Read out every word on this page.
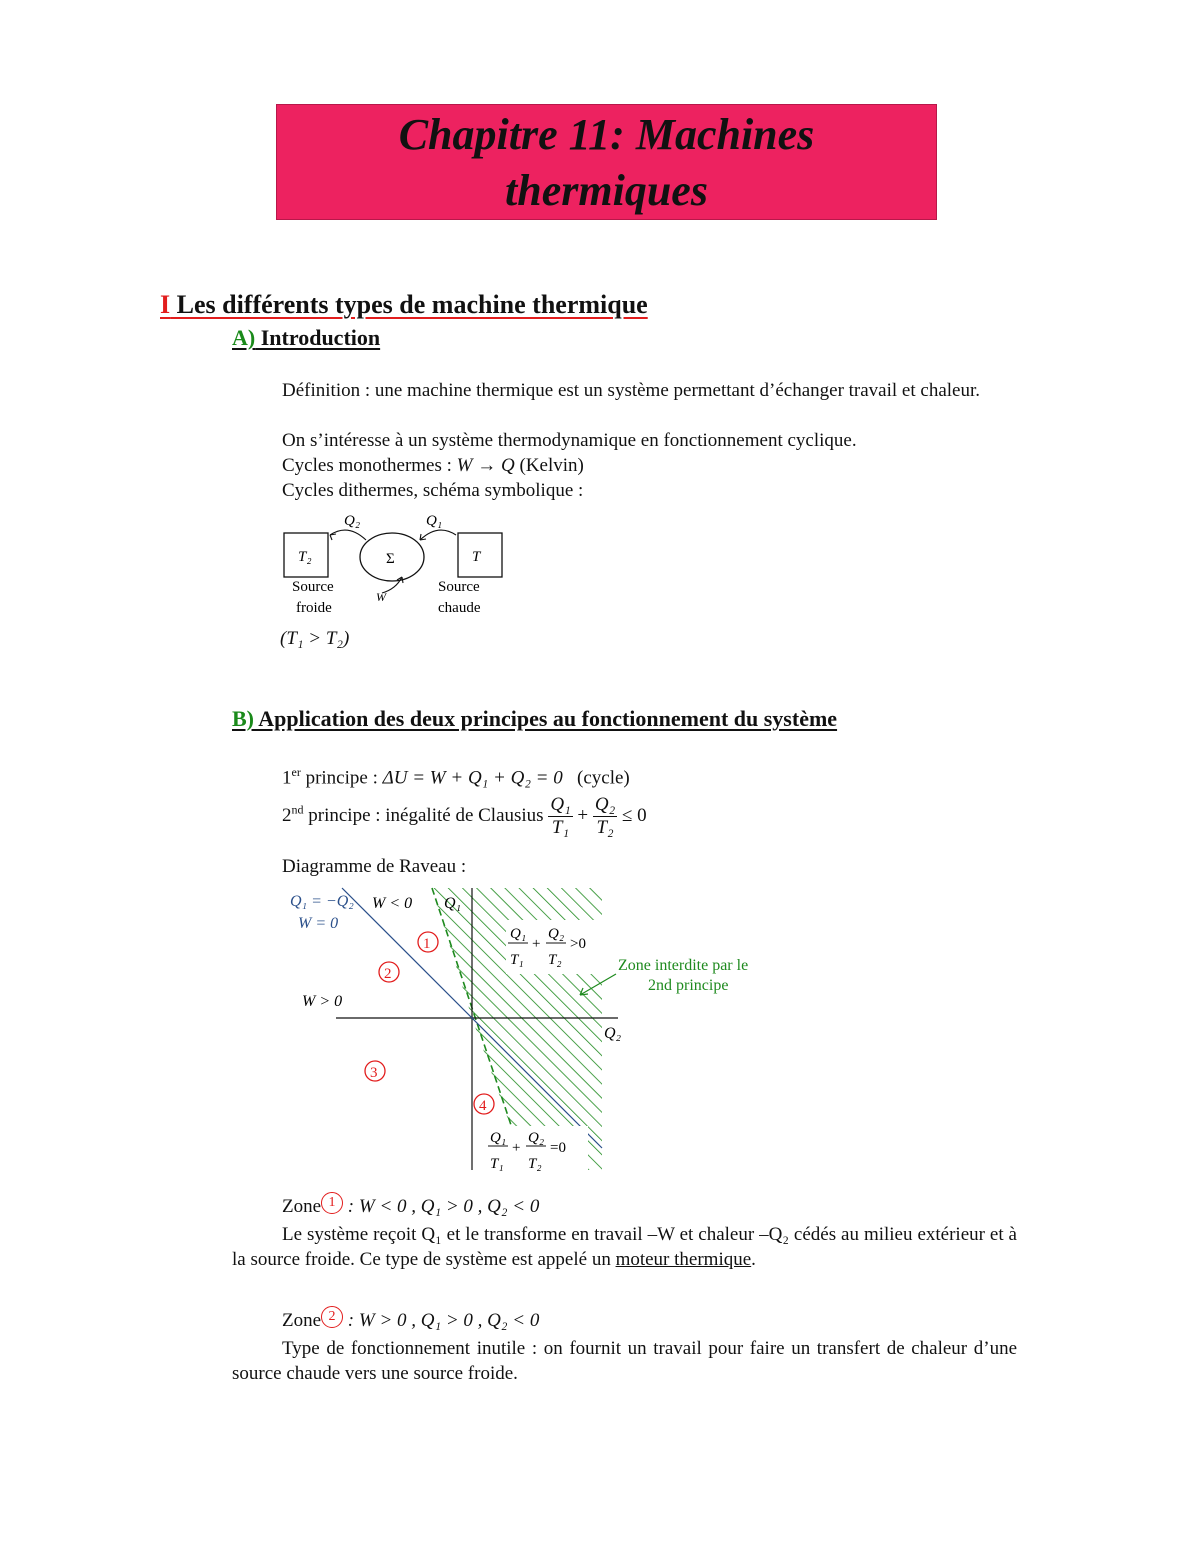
Chapitre 11: Machines
thermiques
I Les différents types de machine thermique
A) Introduction
Définition : une machine thermique est un système permettant d’échanger travail et chaleur.
On s’intéresse à un système thermodynamique en fonctionnement cyclique.
Cycles monothermes : W → Q (Kelvin)
Cycles dithermes, schéma symbolique :
T₂	T
Σ
Q₂	Q₁
W
Source
froide
Source
chaude
(T₁ > T₂)
B) Application des deux principes au fonctionnement du système
1er principe : ΔU = W + Q₁ + Q₂ = 0 (cycle)
2nd principe : inégalité de Clausius $\frac{\text{Q₁}}{\text{T₁}} + \frac{\text{Q₂}}{\text{T₂}} \le 0$
Diagramme de Raveau :
Q₁ = −Q₂
W = 0
W < 0
W > 0
Q₁
Q₂
1
2
3
4
Q₁
T₁
+
Q₂
T₂
>0
Zone interdite par le
2nd principe
Q₁
T₁
+
Q₂
T₂
=0
Zone 1 : W < 0 , Q₁ > 0 , Q₂ < 0
Le système reçoit Q₁ et le transforme en travail –W et chaleur –Q₂ cédés au milieu extérieur et à la source froide. Ce type de système est appelé un moteur thermique.
Zone 2 : W > 0 , Q₁ > 0 , Q₂ < 0
Type de fonctionnement inutile : on fournit un travail pour faire un transfert de chaleur d’une source chaude vers une source froide.
